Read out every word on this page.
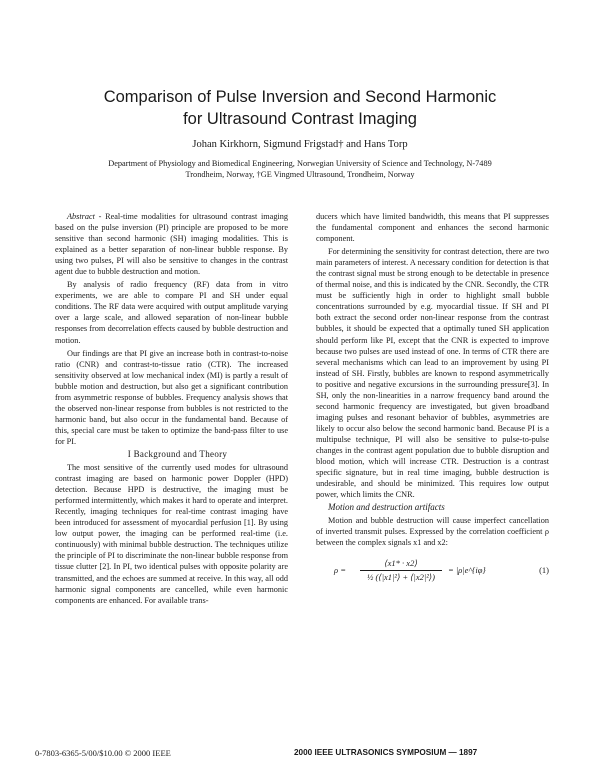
Comparison of Pulse Inversion and Second Harmonic
for Ultrasound Contrast Imaging
Johan Kirkhorn, Sigmund Frigstad† and Hans Torp
Department of Physiology and Biomedical Engineering, Norwegian University of Science and Technology, N-7489
Trondheim, Norway, †GE Vingmed Ultrasound, Trondheim, Norway

Abstract - Real-time modalities for ultrasound contrast imaging based on the pulse inversion (PI) principle are proposed to be more sensitive than second harmonic (SH) imaging modalities. This is explained as a better separation of non-linear bubble response. By using two pulses, PI will also be sensitive to changes in the contrast agent due to bubble destruction and motion.

By analysis of radio frequency (RF) data from in vitro experiments, we are able to compare PI and SH under equal conditions. The RF data were acquired with output amplitude varying over a large scale, and allowed separation of non-linear bubble responses from decorrelation effects caused by bubble destruction and motion.

Our findings are that PI give an increase both in contrast-to-noise ratio (CNR) and contrast-to-tissue ratio (CTR). The increased sensitivity observed at low mechanical index (MI) is partly a result of bubble motion and destruction, but also get a significant contribution from asymmetric response of bubbles. Frequency analysis shows that the observed non-linear response from bubbles is not restricted to the harmonic band, but also occur in the fundamental band. Because of this, special care must be taken to optimize the band-pass filter to use for PI.

I Background and Theory

The most sensitive of the currently used modes for ultrasound contrast imaging are based on harmonic power Doppler (HPD) detection. Because HPD is destructive, the imaging must be performed intermittently, which makes it hard to operate and interpret. Recently, imaging techniques for real-time contrast imaging have been introduced for assessment of myocardial perfusion [1]. By using low output power, the imaging can be performed real-time (i.e. continuously) with minimal bubble destruction. The techniques utilize the principle of PI to discriminate the non-linear bubble response from tissue clutter [2]. In PI, two identical pulses with opposite polarity are transmitted, and the echoes are summed at receive. In this way, all odd harmonic signal components are cancelled, while even harmonic components are enhanced. For available trans-

ducers which have limited bandwidth, this means that PI suppresses the fundamental component and enhances the second harmonic component.

For determining the sensitivity for contrast detection, there are two main parameters of interest. A necessary condition for detection is that the contrast signal must be strong enough to be detectable in presence of thermal noise, and this is indicated by the CNR. Secondly, the CTR must be sufficiently high in order to highlight small bubble concentrations surrounded by e.g. myocardial tissue. If SH and PI both extract the second order non-linear response from the contrast bubbles, it should be expected that a optimally tuned SH application should perform like PI, except that the CNR is expected to improve because two pulses are used instead of one. In terms of CTR there are several mechanisms which can lead to an improvement by using PI instead of SH. Firstly, bubbles are known to respond asymmetrically to positive and negative excursions in the surrounding pressure[3]. In SH, only the non-linearities in a narrow frequency band around the second harmonic frequency are investigated, but given broadband imaging pulses and resonant behavior of bubbles, asymmetries are likely to occur also below the second harmonic band. Because PI is a multipulse technique, PI will also be sensitive to pulse-to-pulse changes in the contrast agent population due to bubble disruption and blood motion, which will increase CTR. Destruction is a contrast specific signature, but in real time imaging, bubble destruction is undesirable, and should be minimized. This requires low output power, which limits the CNR.

Motion and destruction artifacts

Motion and bubble destruction will cause imperfect cancellation of inverted transmit pulses. Expressed by the correlation coefficient ρ between the complex signals x1 and x2:

$\rho = \frac{⟨x1* \cdot x2⟩}{\text{½ (⟨|x1|²⟩ + ⟨|x2|²⟩)}}$ = |ρ|e^{iφ}	(1)
0-7803-6365-5/00/$10.00 © 2000 IEEE	2000 IEEE ULTRASONICS SYMPOSIUM — 1897
